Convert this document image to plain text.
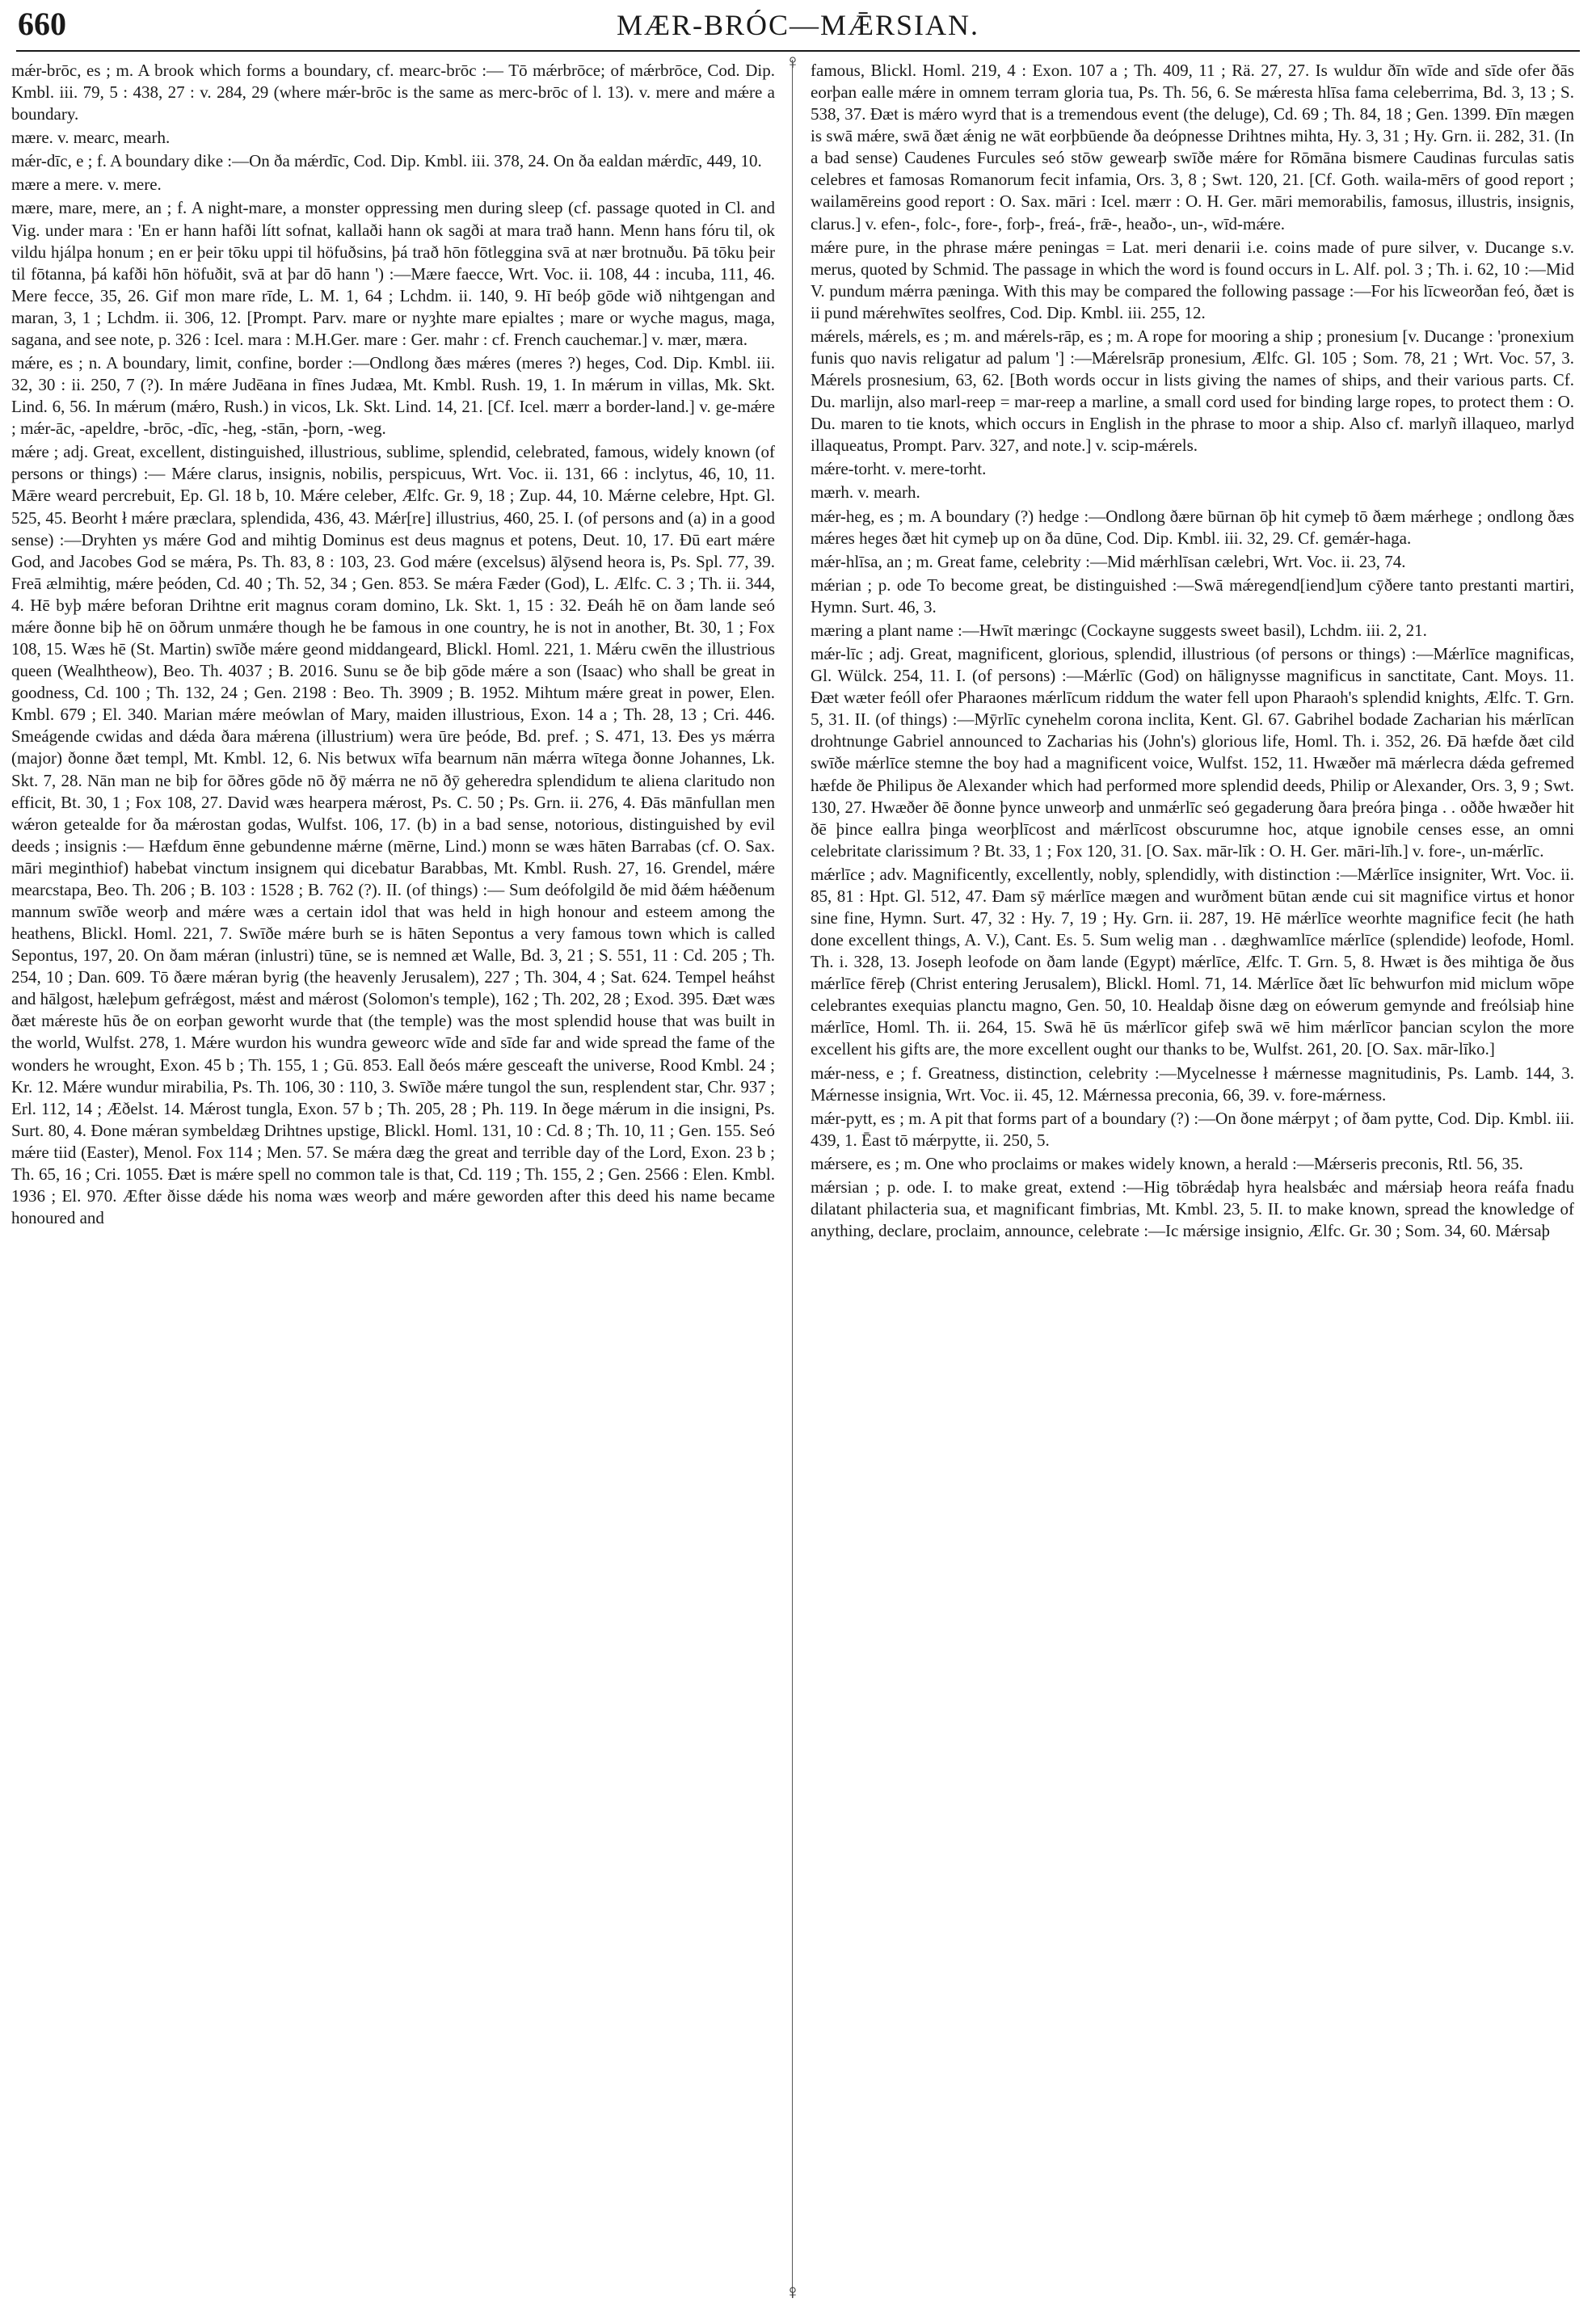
660	MÆR-BRÓC—MǢRSIAN.
♀
♀
mǽr-brōc, es ; m. A brook which forms a boundary, cf. mearc-brōc :— Tō mǽrbrōce; of mǽrbrōce, Cod. Dip. Kmbl. iii. 79, 5 : 438, 27 : v. 284, 29 (where mǽr-brōc is the same as merc-brōc of l. 13). v. mere and mǽre a boundary.
mære. v. mearc, mearh.
mǽr-dīc, e ; f. A boundary dike :—On ða mǽrdīc, Cod. Dip. Kmbl. iii. 378, 24. On ða ealdan mǽrdīc, 449, 10.
mære a mere. v. mere.
mære, mare, mere, an ; f. A night-mare, a monster oppressing men during sleep (cf. passage quoted in Cl. and Vig. under mara : 'En er hann hafði lítt sofnat, kallaði hann ok sagði at mara trað hann. Menn hans fóru til, ok vildu hjálpa honum ; en er þeir tōku uppi til höfuðsins, þá trað hōn fōtleggina svā at nær brotnuðu. Þā tōku þeir til fōtanna, þá kafði hōn höfuðit, svā at þar dō hann ') :—Mære faecce, Wrt. Voc. ii. 108, 44 : incuba, 111, 46. Mere fecce, 35, 26. Gif mon mare rīde, L. M. 1, 64 ; Lchdm. ii. 140, 9. Hī beóþ gōde wið nihtgengan and maran, 3, 1 ; Lchdm. ii. 306, 12. [Prompt. Parv. mare or nyȝhte mare epialtes ; mare or wyche magus, maga, sagana, and see note, p. 326 : Icel. mara : M.H.Ger. mare : Ger. mahr : cf. French cauchemar.] v. mær, mæra.
mǽre, es ; n. A boundary, limit, confine, border :—Ondlong ðæs mǽres (meres ?) heges, Cod. Dip. Kmbl. iii. 32, 30 : ii. 250, 7 (?). In mǽre Judēana in fīnes Judæa, Mt. Kmbl. Rush. 19, 1. In mǽrum in villas, Mk. Skt. Lind. 6, 56. In mǽrum (mǽro, Rush.) in vicos, Lk. Skt. Lind. 14, 21. [Cf. Icel. mærr a border-land.] v. ge-mǽre ; mǽr-āc, -apeldre, -brōc, -dīc, -heg, -stān, -þorn, -weg.
mǽre ; adj. Great, excellent, distinguished, illustrious, sublime, splendid, celebrated, famous, widely known (of persons or things) :— Mǽre clarus, insignis, nobilis, perspicuus, Wrt. Voc. ii. 131, 66 : inclytus, 46, 10, 11. Mǣre weard percrebuit, Ep. Gl. 18 b, 10. Mǽre celeber, Ælfc. Gr. 9, 18 ; Zup. 44, 10. Mǽrne celebre, Hpt. Gl. 525, 45. Beorht ł mǽre præclara, splendida, 436, 43. Mǽr[re] illustrius, 460, 25. I. (of persons and (a) in a good sense) :—Dryhten ys mǽre God and mihtig Dominus est deus magnus et potens, Deut. 10, 17. Ðū eart mǽre God, and Jacobes God se mǽra, Ps. Th. 83, 8 : 103, 23. God mǽre (excelsus) ālȳsend heora is, Ps. Spl. 77, 39. Freā ælmihtig, mǽre þeóden, Cd. 40 ; Th. 52, 34 ; Gen. 853. Se mǽra Fæder (God), L. Ælfc. C. 3 ; Th. ii. 344, 4. Hē byþ mǽre beforan Drihtne erit magnus coram domino, Lk. Skt. 1, 15 : 32. Ðeáh hē on ðam lande seó mǽre ðonne biþ hē on ōðrum unmǽre though he be famous in one country, he is not in another, Bt. 30, 1 ; Fox 108, 15. Wæs hē (St. Martin) swīðe mǽre geond middangeard, Blickl. Homl. 221, 1. Mǽru cwēn the illustrious queen (Wealhtheow), Beo. Th. 4037 ; B. 2016. Sunu se ðe biþ gōde mǽre a son (Isaac) who shall be great in goodness, Cd. 100 ; Th. 132, 24 ; Gen. 2198 : Beo. Th. 3909 ; B. 1952. Mihtum mǽre great in power, Elen. Kmbl. 679 ; El. 340. Marian mǽre meówlan of Mary, maiden illustrious, Exon. 14 a ; Th. 28, 13 ; Cri. 446. Smeágende cwidas and dǽda ðara mǽrena (illustrium) wera ūre þeóde, Bd. pref. ; S. 471, 13. Ðes ys mǽrra (major) ðonne ðæt templ, Mt. Kmbl. 12, 6. Nis betwux wīfa bearnum nān mǽrra wītega ðonne Johannes, Lk. Skt. 7, 28. Nān man ne biþ for ōðres gōde nō ðȳ mǽrra ne nō ðȳ geheredra splendidum te aliena claritudo non efficit, Bt. 30, 1 ; Fox 108, 27. David wæs hearpera mǽrost, Ps. C. 50 ; Ps. Grn. ii. 276, 4. Ðās mānfullan men wǽron getealde for ða mǽrostan godas, Wulfst. 106, 17. (b) in a bad sense, notorious, distinguished by evil deeds ; insignis :— Hæfdum ēnne gebundenne mǽrne (mērne, Lind.) monn se wæs hāten Barrabas (cf. O. Sax. māri meginthiof) habebat vinctum insignem qui dicebatur Barabbas, Mt. Kmbl. Rush. 27, 16. Grendel, mǽre mearcstapa, Beo. Th. 206 ; B. 103 : 1528 ; B. 762 (?). II. (of things) :— Sum deófolgild ðe mid ðǽm hǽðenum mannum swīðe weorþ and mǽre wæs a certain idol that was held in high honour and esteem among the heathens, Blickl. Homl. 221, 7. Swīðe mǽre burh se is hāten Sepontus a very famous town which is called Sepontus, 197, 20. On ðam mǽran (inlustri) tūne, se is nemned æt Walle, Bd. 3, 21 ; S. 551, 11 : Cd. 205 ; Th. 254, 10 ; Dan. 609. Tō ðære mǽran byrig (the heavenly Jerusalem), 227 ; Th. 304, 4 ; Sat. 624. Tempel heáhst and hālgost, hæleþum gefrǽgost, mǽst and mǽrost (Solomon's temple), 162 ; Th. 202, 28 ; Exod. 395. Ðæt wæs ðæt mǽreste hūs ðe on eorþan geworht wurde that (the temple) was the most splendid house that was built in the world, Wulfst. 278, 1. Mǽre wurdon his wundra geweorc wīde and sīde far and wide spread the fame of the wonders he wrought, Exon. 45 b ; Th. 155, 1 ; Gū. 853. Eall ðeós mǽre gesceaft the universe, Rood Kmbl. 24 ; Kr. 12. Mǽre wundur mirabilia, Ps. Th. 106, 30 : 110, 3. Swīðe mǽre tungol the sun, resplendent star, Chr. 937 ; Erl. 112, 14 ; Æðelst. 14. Mǽrost tungla, Exon. 57 b ; Th. 205, 28 ; Ph. 119. In ðege mǽrum in die insigni, Ps. Surt. 80, 4. Ðone mǽran symbeldæg Drihtnes upstige, Blickl. Homl. 131, 10 : Cd. 8 ; Th. 10, 11 ; Gen. 155. Seó mǽre tiid (Easter), Menol. Fox 114 ; Men. 57. Se mǽra dæg the great and terrible day of the Lord, Exon. 23 b ; Th. 65, 16 ; Cri. 1055. Ðæt is mǽre spell no common tale is that, Cd. 119 ; Th. 155, 2 ; Gen. 2566 : Elen. Kmbl. 1936 ; El. 970. Æfter ðisse dǽde his noma wæs weorþ and mǽre geworden after this deed his name became honoured and
famous, Blickl. Homl. 219, 4 : Exon. 107 a ; Th. 409, 11 ; Rä. 27, 27. Is wuldur ðīn wīde and sīde ofer ðās eorþan ealle mǽre in omnem terram gloria tua, Ps. Th. 56, 6. Se mǽresta hlīsa fama celeberrima, Bd. 3, 13 ; S. 538, 37. Ðæt is mǽro wyrd that is a tremendous event (the deluge), Cd. 69 ; Th. 84, 18 ; Gen. 1399. Ðīn mægen is swā mǽre, swā ðæt ǽnig ne wāt eorþbūende ða deópnesse Drihtnes mihta, Hy. 3, 31 ; Hy. Grn. ii. 282, 31. (In a bad sense) Caudenes Furcules seó stōw gewearþ swīðe mǽre for Rōmāna bismere Caudinas furculas satis celebres et famosas Romanorum fecit infamia, Ors. 3, 8 ; Swt. 120, 21. [Cf. Goth. waila-mērs of good report ; wailamēreins good report : O. Sax. māri : Icel. mærr : O. H. Ger. māri memorabilis, famosus, illustris, insignis, clarus.] v. efen-, folc-, fore-, forþ-, freá-, frǣ-, heaðo-, un-, wīd-mǽre.
mǽre pure, in the phrase mǽre peningas = Lat. meri denarii i.e. coins made of pure silver, v. Ducange s.v. merus, quoted by Schmid. The passage in which the word is found occurs in L. Alf. pol. 3 ; Th. i. 62, 10 :—Mid V. pundum mǽrra pæninga. With this may be compared the following passage :—For his līcweorðan feó, ðæt is ii pund mǽrehwītes seolfres, Cod. Dip. Kmbl. iii. 255, 12.
mǽrels, mǽrels, es ; m. and mǽrels-rāp, es ; m. A rope for mooring a ship ; pronesium [v. Ducange : 'pronexium funis quo navis religatur ad palum '] :—Mǽrelsrāp pronesium, Ælfc. Gl. 105 ; Som. 78, 21 ; Wrt. Voc. 57, 3. Mǽrels prosnesium, 63, 62. [Both words occur in lists giving the names of ships, and their various parts. Cf. Du. marlijn, also marl-reep = mar-reep a marline, a small cord used for binding large ropes, to protect them : O. Du. maren to tie knots, which occurs in English in the phrase to moor a ship. Also cf. marlyñ illaqueo, marlyd illaqueatus, Prompt. Parv. 327, and note.] v. scip-mǽrels.
mǽre-torht. v. mere-torht.
mærh. v. mearh.
mǽr-heg, es ; m. A boundary (?) hedge :—Ondlong ðære būrnan ōþ hit cymeþ tō ðæm mǽrhege ; ondlong ðæs mǽres heges ðæt hit cymeþ up on ða dūne, Cod. Dip. Kmbl. iii. 32, 29. Cf. gemǽr-haga.
mǽr-hlīsa, an ; m. Great fame, celebrity :—Mid mǽrhlīsan cælebri, Wrt. Voc. ii. 23, 74.
mǽrian ; p. ode To become great, be distinguished :—Swā mǽregend[iend]um cȳðere tanto prestanti martiri, Hymn. Surt. 46, 3.
mæring a plant name :—Hwīt mæringc (Cockayne suggests sweet basil), Lchdm. iii. 2, 21.
mǽr-līc ; adj. Great, magnificent, glorious, splendid, illustrious (of persons or things) :—Mǽrlīce magnificas, Gl. Wülck. 254, 11. I. (of persons) :—Mǽrlīc (God) on hālignysse magnificus in sanctitate, Cant. Moys. 11. Ðæt wæter feóll ofer Pharaones mǽrlīcum riddum the water fell upon Pharaoh's splendid knights, Ælfc. T. Grn. 5, 31. II. (of things) :—Mȳrlīc cynehelm corona inclita, Kent. Gl. 67. Gabrihel bodade Zacharian his mǽrlīcan drohtnunge Gabriel announced to Zacharias his (John's) glorious life, Homl. Th. i. 352, 26. Ðā hæfde ðæt cild swīðe mǽrlīce stemne the boy had a magnificent voice, Wulfst. 152, 11. Hwæðer mā mǽrlecra dǽda gefremed hæfde ðe Philipus ðe Alexander which had performed more splendid deeds, Philip or Alexander, Ors. 3, 9 ; Swt. 130, 27. Hwæðer ðē ðonne þynce unweorþ and unmǽrlīc seó gegaderung ðara þreóra þinga . . oððe hwæðer hit ðē þince eallra þinga weorþlīcost and mǽrlīcost obscurumne hoc, atque ignobile censes esse, an omni celebritate clarissimum ? Bt. 33, 1 ; Fox 120, 31. [O. Sax. mār-līk : O. H. Ger. māri-līh.] v. fore-, un-mǽrlīc.
mǽrlīce ; adv. Magnificently, excellently, nobly, splendidly, with distinction :—Mǽrlīce insigniter, Wrt. Voc. ii. 85, 81 : Hpt. Gl. 512, 47. Ðam sȳ mǽrlīce mægen and wurðment būtan ænde cui sit magnifice virtus et honor sine fine, Hymn. Surt. 47, 32 : Hy. 7, 19 ; Hy. Grn. ii. 287, 19. Hē mǽrlīce weorhte magnifice fecit (he hath done excellent things, A. V.), Cant. Es. 5. Sum welig man . . dæghwamlīce mǽrlīce (splendide) leofode, Homl. Th. i. 328, 13. Joseph leofode on ðam lande (Egypt) mǽrlīce, Ælfc. T. Grn. 5, 8. Hwæt is ðes mihtiga ðe ðus mǽrlīce fēreþ (Christ entering Jerusalem), Blickl. Homl. 71, 14. Mǽrlīce ðæt līc behwurfon mid miclum wōpe celebrantes exequias planctu magno, Gen. 50, 10. Healdaþ ðisne dæg on eówerum gemynde and freólsiaþ hine mǽrlīce, Homl. Th. ii. 264, 15. Swā hē ūs mǽrlīcor gifeþ swā wē him mǽrlīcor þancian scylon the more excellent his gifts are, the more excellent ought our thanks to be, Wulfst. 261, 20. [O. Sax. mār-līko.]
mǽr-ness, e ; f. Greatness, distinction, celebrity :—Mycelnesse ł mǽrnesse magnitudinis, Ps. Lamb. 144, 3. Mǽrnesse insignia, Wrt. Voc. ii. 45, 12. Mǽrnessa preconia, 66, 39. v. fore-mǽrness.
mǽr-pytt, es ; m. A pit that forms part of a boundary (?) :—On ðone mǽrpyt ; of ðam pytte, Cod. Dip. Kmbl. iii. 439, 1. Ēast tō mǽrpytte, ii. 250, 5.
mǽrsere, es ; m. One who proclaims or makes widely known, a herald :—Mǽrseris preconis, Rtl. 56, 35.
mǽrsian ; p. ode. I. to make great, extend :—Hig tōbrǽdaþ hyra healsbǽc and mǽrsiaþ heora reáfa fnadu dilatant philacteria sua, et magnificant fimbrias, Mt. Kmbl. 23, 5. II. to make known, spread the knowledge of anything, declare, proclaim, announce, celebrate :—Ic mǽrsige insignio, Ælfc. Gr. 30 ; Som. 34, 60. Mǽrsaþ
